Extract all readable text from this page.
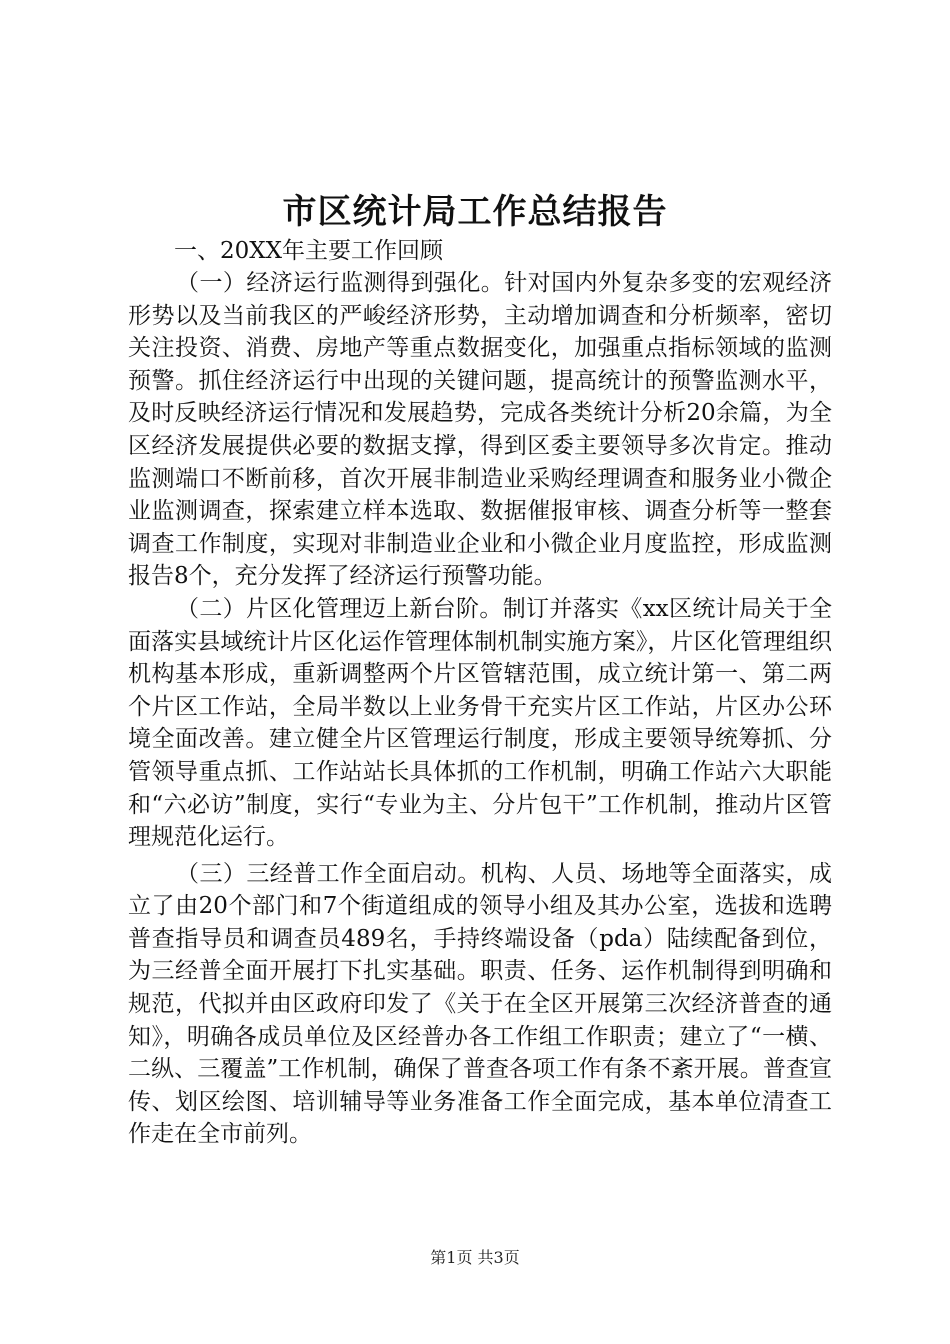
市区统计局工作总结报告

一、20XX年主要工作回顾

（一）经济运行监测得到强化。针对国内外复杂多变的宏观经济形势以及当前我区的严峻经济形势，主动增加调查和分析频率，密切关注投资、消费、房地产等重点数据变化，加强重点指标领域的监测预警。抓住经济运行中出现的关键问题，提高统计的预警监测水平，及时反映经济运行情况和发展趋势，完成各类统计分析20余篇，为全区经济发展提供必要的数据支撑，得到区委主要领导多次肯定。推动监测端口不断前移，首次开展非制造业采购经理调查和服务业小微企业监测调查，探索建立样本选取、数据催报审核、调查分析等一整套调查工作制度，实现对非制造业企业和小微企业月度监控，形成监测报告8个，充分发挥了经济运行预警功能。

（二）片区化管理迈上新台阶。制订并落实《xx区统计局关于全面落实县域统计片区化运作管理体制机制实施方案》，片区化管理组织机构基本形成，重新调整两个片区管辖范围，成立统计第一、第二两个片区工作站，全局半数以上业务骨干充实片区工作站，片区办公环境全面改善。建立健全片区管理运行制度，形成主要领导统筹抓、分管领导重点抓、工作站站长具体抓的工作机制，明确工作站六大职能和“六必访”制度，实行“专业为主、分片包干”工作机制，推动片区管理规范化运行。

（三）三经普工作全面启动。机构、人员、场地等全面落实，成立了由20个部门和7个街道组成的领导小组及其办公室，选拔和选聘普查指导员和调查员489名，手持终端设备（pda）陆续配备到位，为三经普全面开展打下扎实基础。职责、任务、运作机制得到明确和规范，代拟并由区政府印发了《关于在全区开展第三次经济普查的通知》，明确各成员单位及区经普办各工作组工作职责；建立了“一横、二纵、三覆盖”工作机制，确保了普查各项工作有条不紊开展。普查宣传、划区绘图、培训辅导等业务准备工作全面完成，基本单位清查工作走在全市前列。

第1页 共3页
